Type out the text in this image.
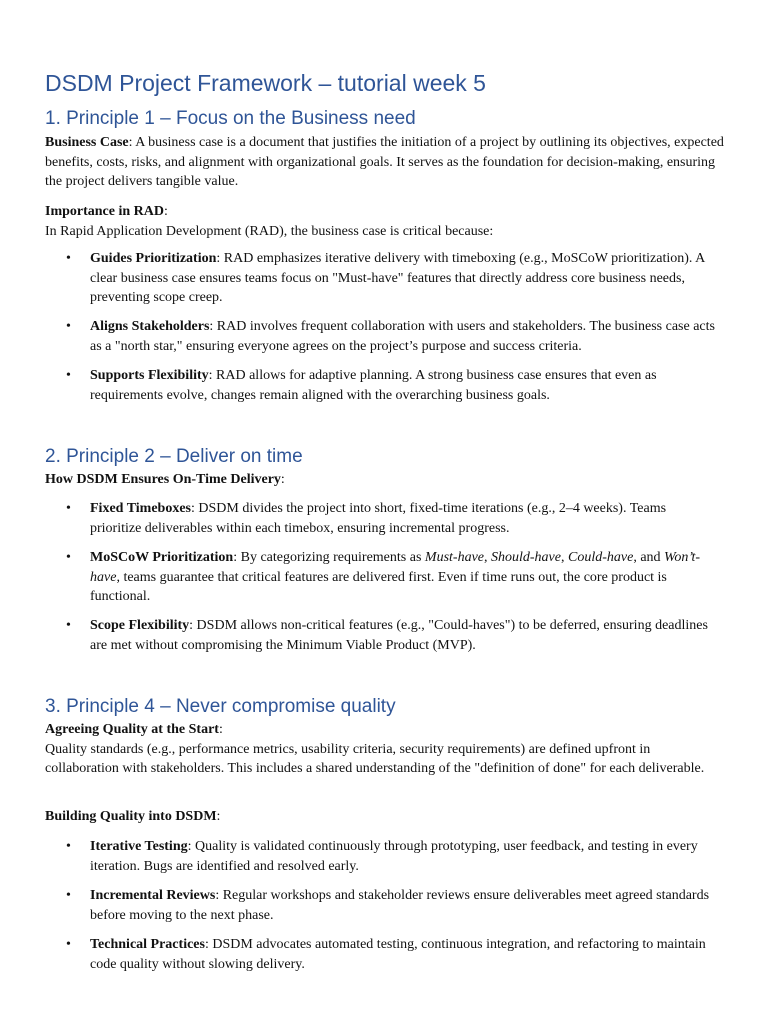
DSDM Project Framework – tutorial week 5
1. Principle 1 – Focus on the Business need
Business Case: A business case is a document that justifies the initiation of a project by outlining its objectives, expected benefits, costs, risks, and alignment with organizational goals. It serves as the foundation for decision-making, ensuring the project delivers tangible value.
Importance in RAD:
In Rapid Application Development (RAD), the business case is critical because:
•	Guides Prioritization: RAD emphasizes iterative delivery with timeboxing (e.g., MoSCoW prioritization). A clear business case ensures teams focus on "Must-have" features that directly address core business needs, preventing scope creep.
•	Aligns Stakeholders: RAD involves frequent collaboration with users and stakeholders. The business case acts as a "north star," ensuring everyone agrees on the project’s purpose and success criteria.
•	Supports Flexibility: RAD allows for adaptive planning. A strong business case ensures that even as requirements evolve, changes remain aligned with the overarching business goals.
2. Principle 2 – Deliver on time
How DSDM Ensures On-Time Delivery:
•	Fixed Timeboxes: DSDM divides the project into short, fixed-time iterations (e.g., 2–4 weeks). Teams prioritize deliverables within each timebox, ensuring incremental progress.
•	MoSCoW Prioritization: By categorizing requirements as Must-have, Should-have, Could-have, and Won’t-have, teams guarantee that critical features are delivered first. Even if time runs out, the core product is functional.
•	Scope Flexibility: DSDM allows non-critical features (e.g., "Could-haves") to be deferred, ensuring deadlines are met without compromising the Minimum Viable Product (MVP).
3. Principle 4 – Never compromise quality
Agreeing Quality at the Start:
Quality standards (e.g., performance metrics, usability criteria, security requirements) are defined upfront in collaboration with stakeholders. This includes a shared understanding of the "definition of done" for each deliverable.
Building Quality into DSDM:
•	Iterative Testing: Quality is validated continuously through prototyping, user feedback, and testing in every iteration. Bugs are identified and resolved early.
•	Incremental Reviews: Regular workshops and stakeholder reviews ensure deliverables meet agreed standards before moving to the next phase.
•	Technical Practices: DSDM advocates automated testing, continuous integration, and refactoring to maintain code quality without slowing delivery.
